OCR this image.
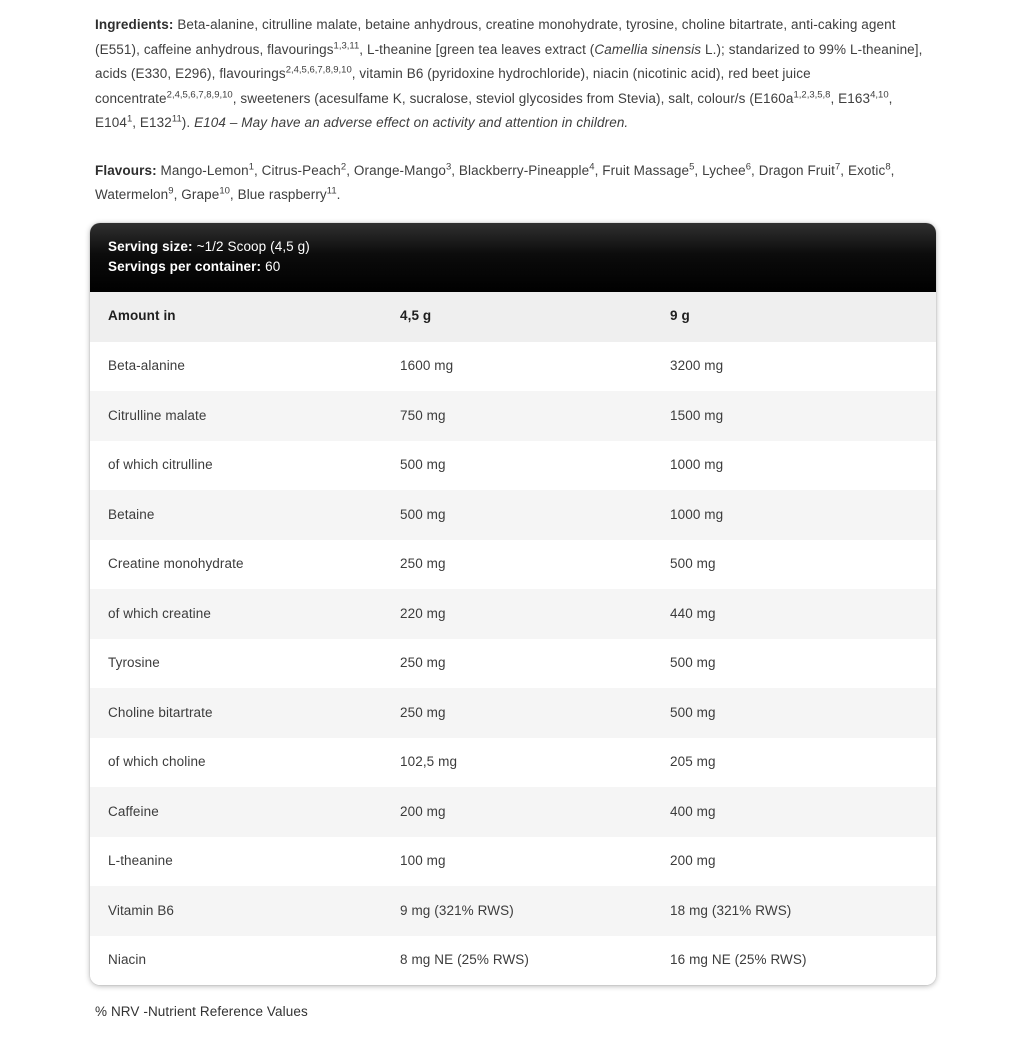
Ingredients: Beta-alanine, citrulline malate, betaine anhydrous, creatine monohydrate, tyrosine, choline bitartrate, anti-caking agent (E551), caffeine anhydrous, flavourings$^{1,3,11}$, L-theanine [green tea leaves extract (Camellia sinensis L.); standarized to 99% L-theanine], acids (E330, E296), flavourings$^{2,4,5,6,7,8,9,10}$, vitamin B6 (pyridoxine hydrochloride), niacin (nicotinic acid), red beet juice concentrate$^{2,4,5,6,7,8,9,10}$, sweeteners (acesulfame K, sucralose, steviol glycosides from Stevia), salt, colour/s ($E160a^{1,2,3,5,8}$, E163$^{4,10}$, $E104^1$, $E132^{11}$). E104 – May have an adverse effect on activity and attention in children.

Flavours: Mango-Lemon$^1$, Citrus-Peach$^2$, Orange-Mango$^3$, Blackberry-Pineapple$^4$, Fruit Massage$^5$, Lychee$^6$, Dragon Fruit$^7$, Exotic$^8$, Watermelon$^9$, Grape$^{10}$, Blue raspberry$^{11}$.

Serving size: ~1/2 Scoop (4,5 g)
Servings per container: 60
Amount in	4,5 g	9 g
Beta-alanine	1600 mg	3200 mg
Citrulline malate	750 mg	1500 mg
of which citrulline	500 mg	1000 mg
Betaine	500 mg	1000 mg
Creatine monohydrate	250 mg	500 mg
of which creatine	220 mg	440 mg
Tyrosine	250 mg	500 mg
Choline bitartrate	250 mg	500 mg
of which choline	102,5 mg	205 mg
Caffeine	200 mg	400 mg
L-theanine	100 mg	200 mg
Vitamin B6	9 mg (321% RWS)	18 mg (321% RWS)
Niacin	8 mg NE (25% RWS)	16 mg NE (25% RWS)

% NRV -Nutrient Reference Values
